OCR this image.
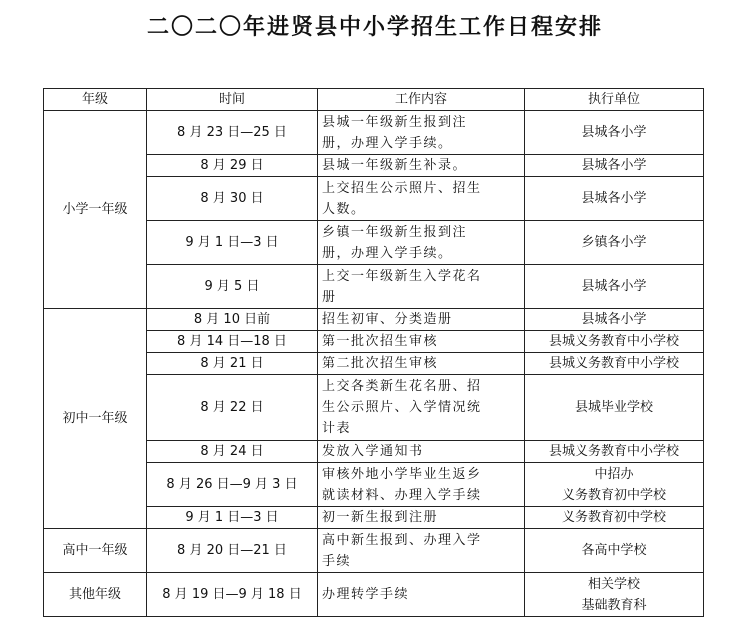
二〇二〇年进贤县中小学招生工作日程安排
年级	时间	工作内容	执行单位
小学一年级	8 月 23 日—25 日	县城一年级新生报到注
册，办理入学手续。	县城各小学

	8 月 29 日	县城一年级新生补录。	县城各小学

	8 月 30 日	上交招生公示照片、招生
人数。	县城各小学

	9 月 1 日—3 日	乡镇一年级新生报到注
册，办理入学手续。	乡镇各小学

	9 月 5 日	上交一年级新生入学花名
册	县城各小学

初中一年级	8 月 10 日前	招生初审、分类造册	县城各小学

	8 月 14 日—18 日	第一批次招生审核	县城义务教育中小学校

	8 月 21 日	第二批次招生审核	县城义务教育中小学校

	8 月 22 日	上交各类新生花名册、招
生公示照片、入学情况统
计表	县城毕业学校

	8 月 24 日	发放入学通知书	县城义务教育中小学校

	8 月 26 日—9 月 3 日	审核外地小学毕业生返乡
就读材料、办理入学手续	中招办
义务教育初中学校

	9 月 1 日—3 日	初一新生报到注册	义务教育初中学校

高中一年级	8 月 20 日—21 日	高中新生报到、办理入学
手续	各高中学校

其他年级	8 月 19 日—9 月 18 日	办理转学手续	相关学校
基础教育科
